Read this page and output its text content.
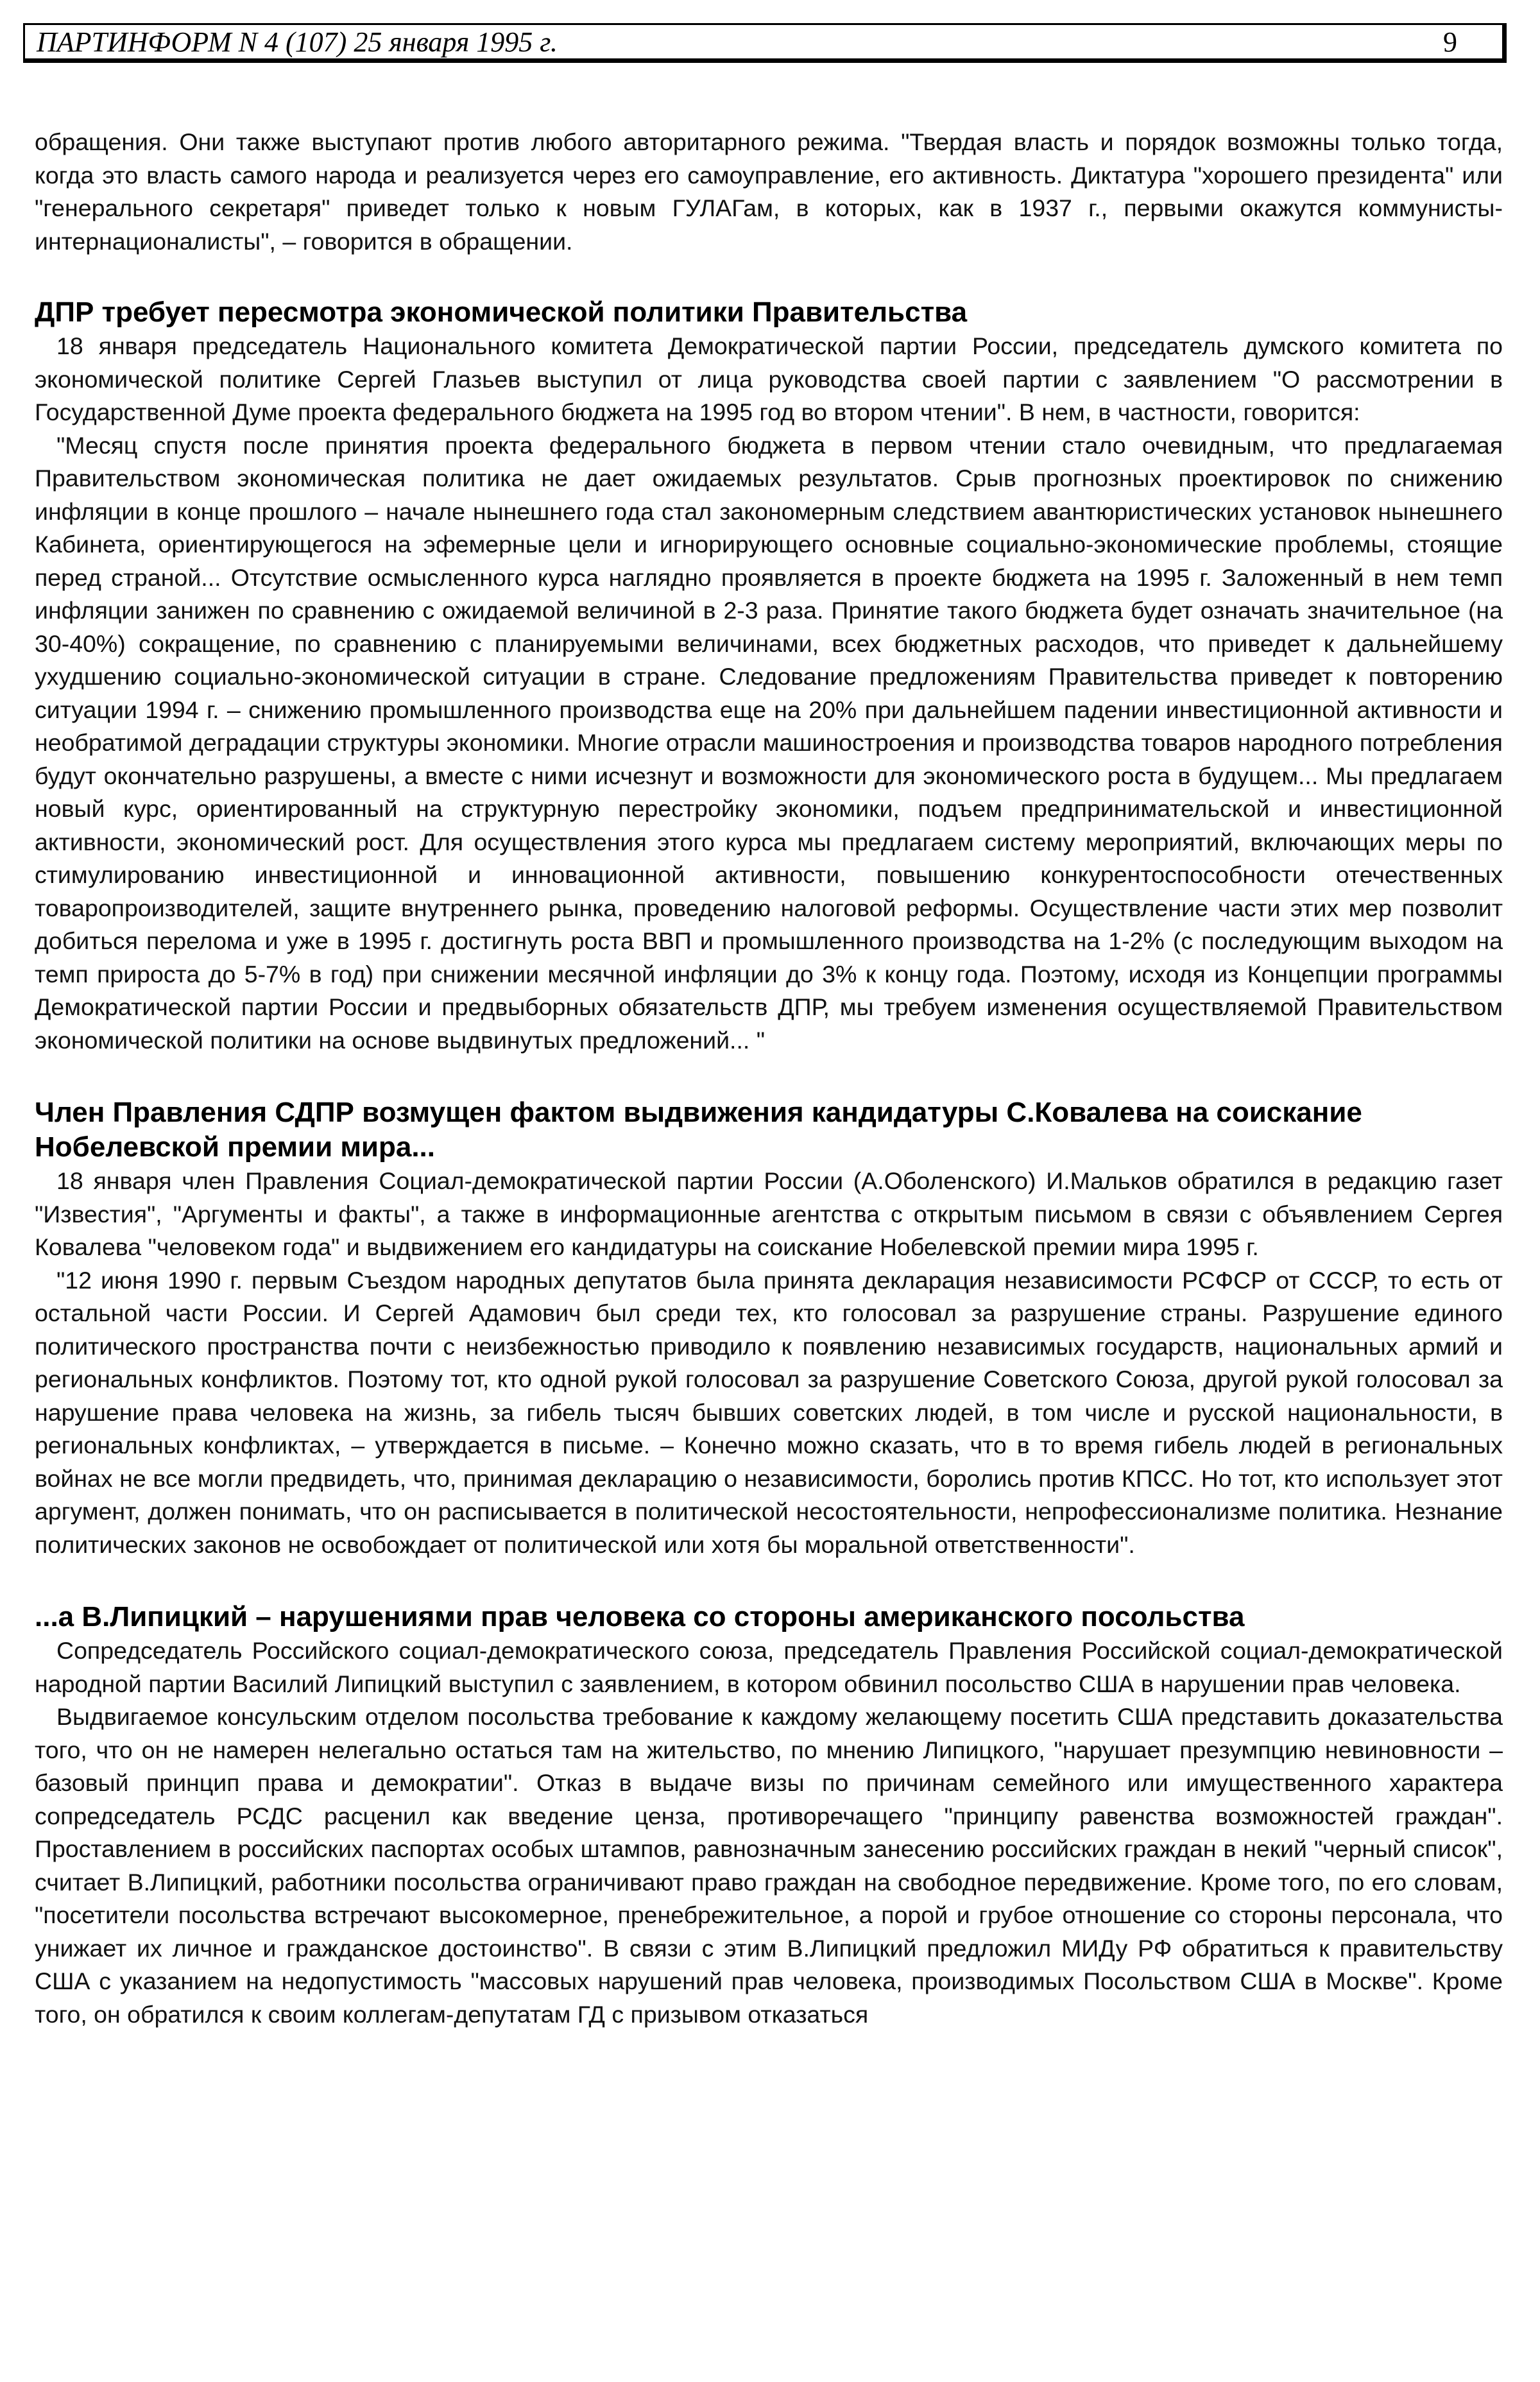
ПАРТИНФОРМ N 4 (107) 25 января 1995 г.	9

обращения. Они также выступают против любого авторитарного режима. "Твердая власть и порядок возможны только тогда, когда это власть самого народа и реализуется через его самоуправление, его активность. Диктатура "хорошего президента" или "генерального секретаря" приведет только к новым ГУЛАГам, в которых, как в 1937 г., первыми окажутся коммунисты-интернационалисты", – говорится в обращении.

ДПР требует пересмотра экономической политики Правительства

18 января председатель Национального комитета Демократической партии России, председатель думского комитета по экономической политике Сергей Глазьев выступил от лица руководства своей партии с заявлением "О рассмотрении в Государственной Думе проекта федерального бюджета на 1995 год во втором чтении". В нем, в частности, говорится:

"Месяц спустя после принятия проекта федерального бюджета в первом чтении стало очевидным, что предлагаемая Правительством экономическая политика не дает ожидаемых результатов. Срыв прогнозных проектировок по снижению инфляции в конце прошлого – начале нынешнего года стал закономерным следствием авантюристических установок нынешнего Кабинета, ориентирующегося на эфемерные цели и игнорирующего основные социально-экономические проблемы, стоящие перед страной... Отсутствие осмысленного курса наглядно проявляется в проекте бюджета на 1995 г. Заложенный в нем темп инфляции занижен по сравнению с ожидаемой величиной в 2-3 раза. Принятие такого бюджета будет означать значительное (на 30-40%) сокращение, по сравнению с планируемыми величинами, всех бюджетных расходов, что приведет к дальнейшему ухудшению социально-экономической ситуации в стране. Следование предложениям Правительства приведет к повторению ситуации 1994 г. – снижению промышленного производства еще на 20% при дальнейшем падении инвестиционной активности и необратимой деградации структуры экономики. Многие отрасли машиностроения и производства товаров народного потребления будут окончательно разрушены, а вместе с ними исчезнут и возможности для экономического роста в будущем... Мы предлагаем новый курс, ориентированный на структурную перестройку экономики, подъем предпринимательской и инвестиционной активности, экономический рост. Для осуществления этого курса мы предлагаем систему мероприятий, включающих меры по стимулированию инвестиционной и инновационной активности, повышению конкурентоспособности отечественных товаропроизводителей, защите внутреннего рынка, проведению налоговой реформы. Осуществление части этих мер позволит добиться перелома и уже в 1995 г. достигнуть роста ВВП и промышленного производства на 1-2% (с последующим выходом на темп прироста до 5-7% в год) при снижении месячной инфляции до 3% к концу года. Поэтому, исходя из Концепции программы Демократической партии России и предвыборных обязательств ДПР, мы требуем изменения осуществляемой Правительством экономической политики на основе выдвинутых предложений... "

Член Правления СДПР возмущен фактом выдвижения кандидатуры С.Ковалева на соискание Нобелевской премии мира...

18 января член Правления Социал-демократической партии России (А.Оболенского) И.Мальков обратился в редакцию газет "Известия", "Аргументы и факты", а также в информационные агентства с открытым письмом в связи с объявлением Сергея Ковалева "человеком года" и выдвижением его кандидатуры на соискание Нобелевской премии мира 1995 г.

"12 июня 1990 г. первым Съездом народных депутатов была принята декларация независимости РСФСР от СССР, то есть от остальной части России. И Сергей Адамович был среди тех, кто голосовал за разрушение страны. Разрушение единого политического пространства почти с неизбежностью приводило к появлению независимых государств, национальных армий и региональных конфликтов. Поэтому тот, кто одной рукой голосовал за разрушение Советского Союза, другой рукой голосовал за нарушение права человека на жизнь, за гибель тысяч бывших советских людей, в том числе и русской национальности, в региональных конфликтах, – утверждается в письме. – Конечно можно сказать, что в то время гибель людей в региональных войнах не все могли предвидеть, что, принимая декларацию о независимости, боролись против КПСС. Но тот, кто использует этот аргумент, должен понимать, что он расписывается в политической несостоятельности, непрофессионализме политика. Незнание политических законов не освобождает от политической или хотя бы моральной ответственности".

...а В.Липицкий – нарушениями прав человека со стороны американского посольства

Сопредседатель Российского социал-демократического союза, председатель Правления Российской социал-демократической народной партии Василий Липицкий выступил с заявлением, в котором обвинил посольство США в нарушении прав человека.

Выдвигаемое консульским отделом посольства требование к каждому желающему посетить США представить доказательства того, что он не намерен нелегально остаться там на жительство, по мнению Липицкого, "нарушает презумпцию невиновности – базовый принцип права и демократии". Отказ в выдаче визы по причинам семейного или имущественного характера сопредседатель РСДС расценил как введение ценза, противоречащего "принципу равенства возможностей граждан". Проставлением в российских паспортах особых штампов, равнозначным занесению российских граждан в некий "черный список", считает В.Липицкий, работники посольства ограничивают право граждан на свободное передвижение. Кроме того, по его словам, "посетители посольства встречают высокомерное, пренебрежительное, а порой и грубое отношение со стороны персонала, что унижает их личное и гражданское достоинство". В связи с этим В.Липицкий предложил МИДу РФ обратиться к правительству США с указанием на недопустимость "массовых нарушений прав человека, производимых Посольством США в Москве". Кроме того, он обратился к своим коллегам-депутатам ГД с призывом отказаться
